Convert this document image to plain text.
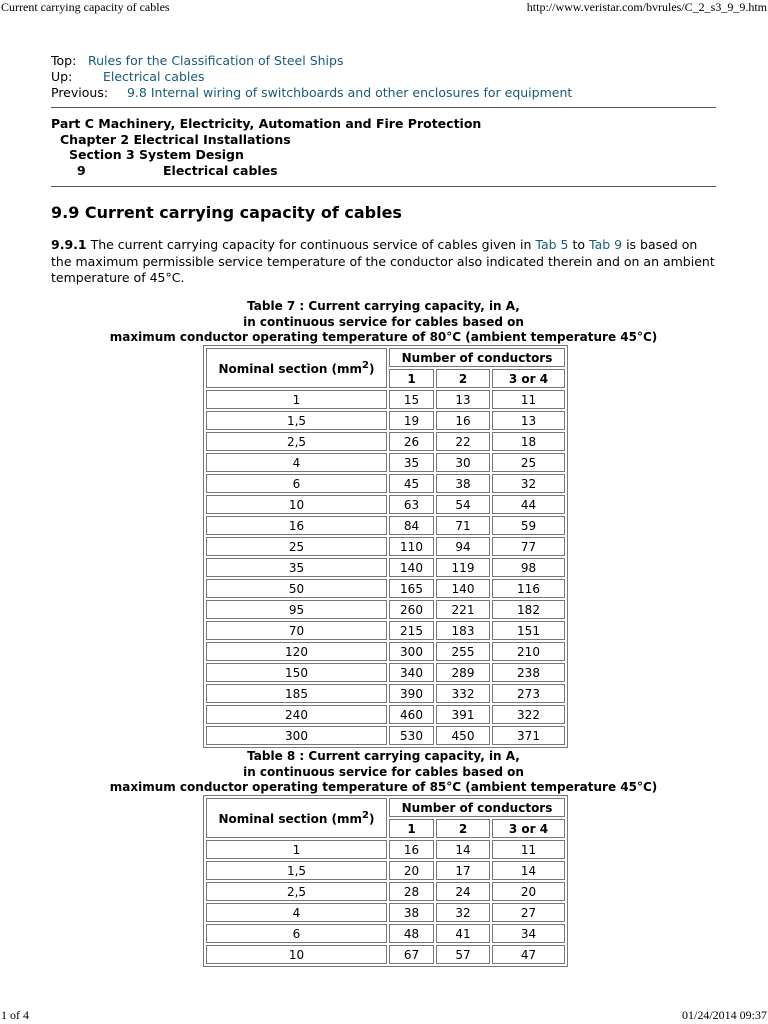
Current carrying capacity of cables	http://www.veristar.com/bvrules/C_2_s3_9_9.htm
Top: Rules for the Classification of Steel Ships
Up: Electrical cables
Previous: 9.8 Internal wiring of switchboards and other enclosures for equipment
Part C Machinery, Electricity, Automation and Fire Protection
Chapter 2 Electrical Installations
Section 3 System Design
9	Electrical cables
9.9 Current carrying capacity of cables
9.9.1 The current carrying capacity for continuous service of cables given in Tab 5 to Tab 9 is based on the maximum permissible service temperature of the conductor also indicated therein and on an ambient temperature of 45°C.
Table 7 : Current carrying capacity, in A,
in continuous service for cables based on
maximum conductor operating temperature of 80°C (ambient temperature 45°C)
Nominal section $(mm^2)$	Number of conductors		
	1	2	3 or 4
1	15	13	11
1,5	19	16	13
2,5	26	22	18
4	35	30	25
6	45	38	32
10	63	54	44
16	84	71	59
25	110	94	77
35	140	119	98
50	165	140	116
95	260	221	182
70	215	183	151
120	300	255	210
150	340	289	238
185	390	332	273
240	460	391	322
300	530	450	371
Table 8 : Current carrying capacity, in A,
in continuous service for cables based on
maximum conductor operating temperature of 85°C (ambient temperature 45°C)
Nominal section $(mm^2)$	Number of conductors		
	1	2	3 or 4
1	16	14	11
1,5	20	17	14
2,5	28	24	20
4	38	32	27
6	48	41	34
10	67	57	47
1 of 4	01/24/2014 09:37
